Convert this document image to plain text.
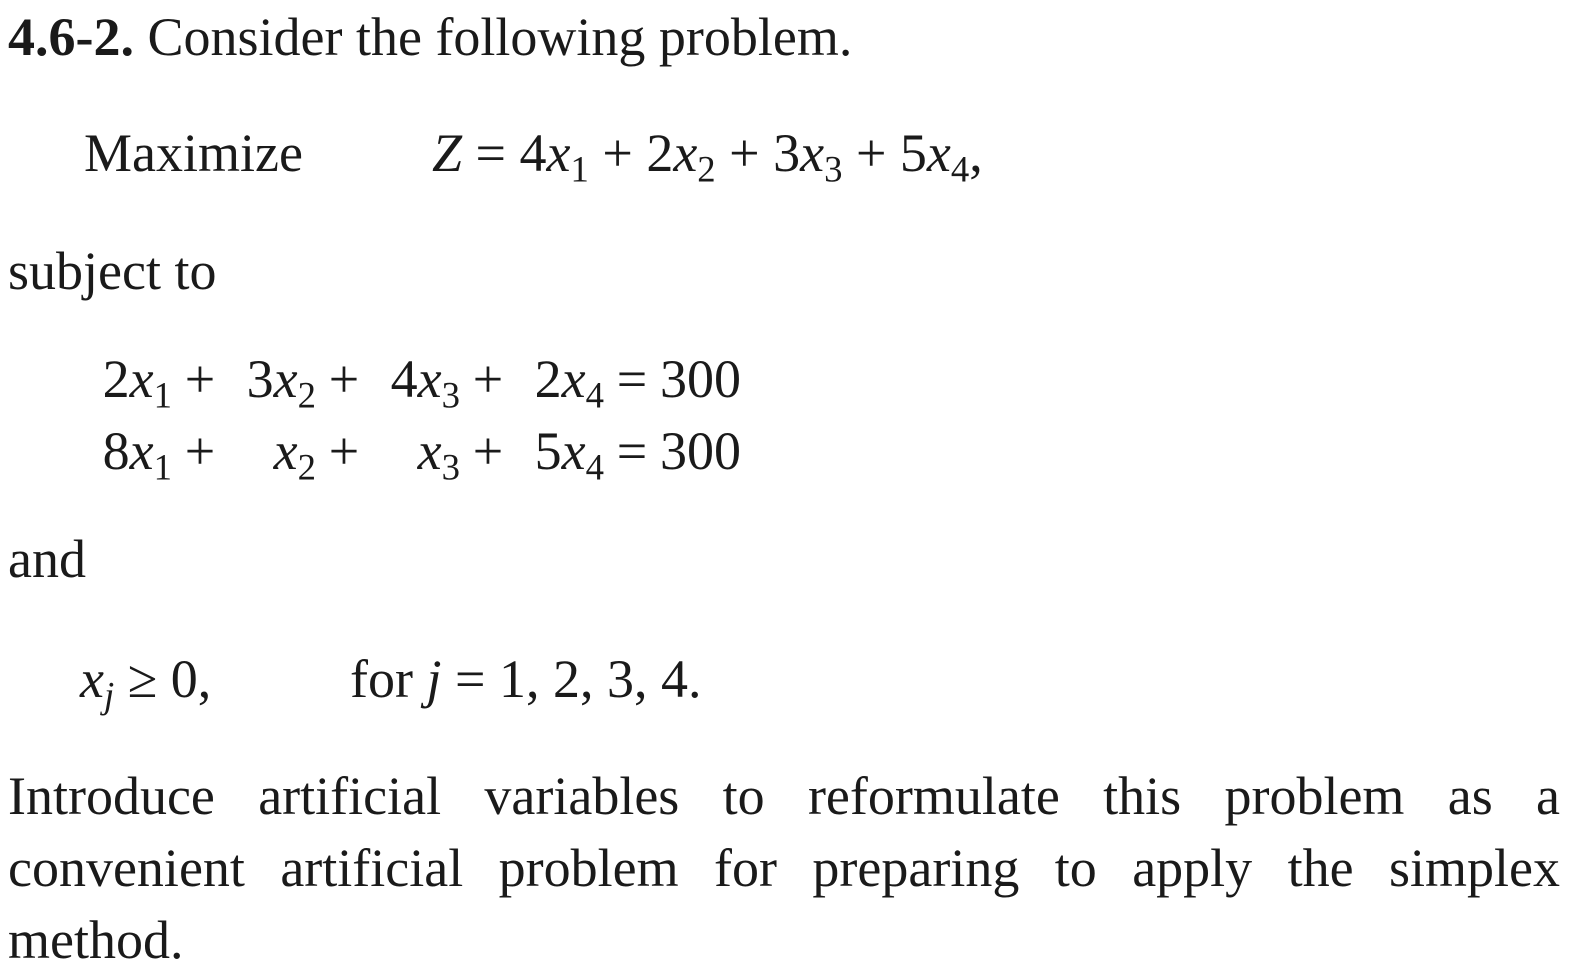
4.6-2. Consider the following problem.
Maximize $Z = 4x_1 + 2x_2 + 3x_3 + 5x_4$,
subject to
$2x_1 + 3x_2 + 4x_3 + 2x_4 = 300$
$8x_1 + x_2 + x_3 + 5x_4 = 300$
and
$x_j \ge 0$,	for j = 1, 2, 3, 4.
Introduce artificial variables to reformulate this problem as a convenient artificial problem for preparing to apply the simplex method.
